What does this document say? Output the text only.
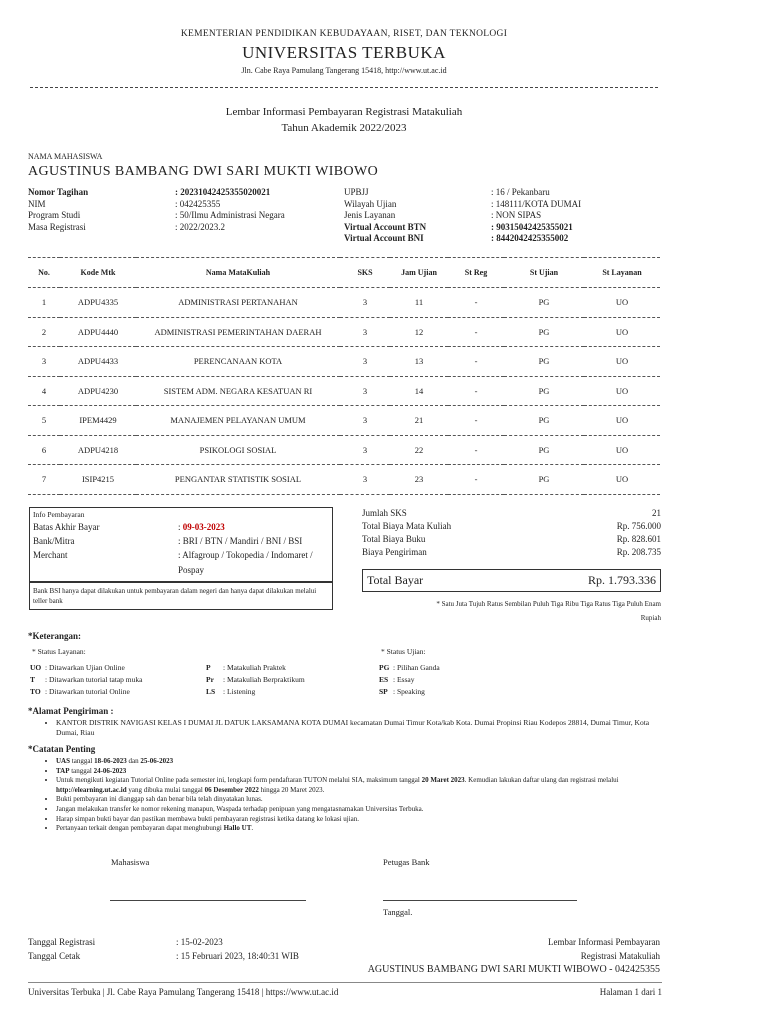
KEMENTERIAN PENDIDIKAN KEBUDAYAAN, RISET, DAN TEKNOLOGI
UNIVERSITAS TERBUKA
Jln. Cabe Raya Pamulang Tangerang 15418, http://www.ut.ac.id
Lembar Informasi Pembayaran Registrasi Matakuliah
Tahun Akademik 2022/2023
NAMA MAHASISWA
AGUSTINUS BAMBANG DWI SARI MUKTI WIBOWO
Nomor Tagihan	: 20231042425355020021
NIM	: 042425355
Program Studi	: 50/Ilmu Administrasi Negara
Masa Registrasi	: 2022/2023.2
UPBJJ	: 16 / Pekanbaru
Wilayah Ujian	: 148111/KOTA DUMAI
Jenis Layanan	: NON SIPAS
Virtual Account BTN	: 90315042425355021
Virtual Account BNI	: 8442042425355002
No.	Kode Mtk	Nama MataKuliah	SKS	Jam Ujian	St Reg	St Ujian	St Layanan
1	ADPU4335	ADMINISTRASI PERTANAHAN	3	11	-	PG	UO
2	ADPU4440	ADMINISTRASI PEMERINTAHAN DAERAH	3	12	-	PG	UO
3	ADPU4433	PERENCANAAN KOTA	3	13	-	PG	UO
4	ADPU4230	SISTEM ADM. NEGARA KESATUAN RI	3	14	-	PG	UO
5	IPEM4429	MANAJEMEN PELAYANAN UMUM	3	21	-	PG	UO
6	ADPU4218	PSIKOLOGI SOSIAL	3	22	-	PG	UO
7	ISIP4215	PENGANTAR STATISTIK SOSIAL	3	23	-	PG	UO
Info Pembayaran
Batas Akhir Bayar	: 09-03-2023
Bank/Mitra	: BRI / BTN / Mandiri / BNI / BSI
Merchant	: Alfagroup / Tokopedia / Indomaret /
Pospay
Bank BSI hanya dapat dilakukan untuk pembayaran dalam negeri dan hanya dapat dilakukan melalui teller bank
Jumlah SKS	21
Total Biaya Mata Kuliah	Rp. 756.000
Total Biaya Buku	Rp. 828.601
Biaya Pengiriman	Rp. 208.735
Total Bayar	Rp. 1.793.336
* Satu Juta Tujuh Ratus Sembilan Puluh Tiga Ribu Tiga Ratus Tiga Puluh Enam
Rupiah
*Keterangan:
* Status Layanan:
UO : Ditawarkan Ujian Online
T : Ditawarkan tutorial tatap muka
TO : Ditawarkan tutorial Online
P : Matakuliah Praktek
Pr : Matakuliah Berpraktikum
LS : Listening
* Status Ujian:
PG : Pilihan Ganda
ES : Essay
SP : Speaking
*Alamat Pengiriman :
• KANTOR DISTRIK NAVIGASI KELAS I DUMAI JL DATUK LAKSAMANA KOTA DUMAI kecamatan Dumai Timur Kota/kab Kota. Dumai Propinsi Riau Kodepos 28814, Dumai Timur, Kota Dumai, Riau
*Catatan Penting
• UAS tanggal 18-06-2023 dan 25-06-2023
• TAP tanggal 24-06-2023
• Untuk mengikuti kegiatan Tutorial Online pada semester ini, lengkapi form pendaftaran TUTON melalui SIA, maksimum tanggal 20 Maret 2023. Kemudian lakukan daftar ulang dan registrasi melalui http://elearning.ut.ac.id yang dibuka mulai tanggal 06 Desember 2022 hingga 20 Maret 2023.
• Bukti pembayaran ini dianggap sah dan benar bila telah dinyatakan lunas.
• Jangan melakukan transfer ke nomor rekening manapun, Waspada terhadap penipuan yang mengatasnamakan Universitas Terbuka.
• Harap simpan bukti bayar dan pastikan membawa bukti pembayaran registrasi ketika datang ke lokasi ujian.
• Pertanyaan terkait dengan pembayaran dapat menghubungi Hallo UT.
Mahasiswa	Petugas Bank
Tanggal.
Tanggal Registrasi	: 15-02-2023
Tanggal Cetak	: 15 Februari 2023, 18:40:31 WIB
Lembar Informasi Pembayaran
Registrasi Matakuliah
AGUSTINUS BAMBANG DWI SARI MUKTI WIBOWO - 042425355
Universitas Terbuka | Jl. Cabe Raya Pamulang Tangerang 15418 | https://www.ut.ac.id	Halaman 1 dari 1
